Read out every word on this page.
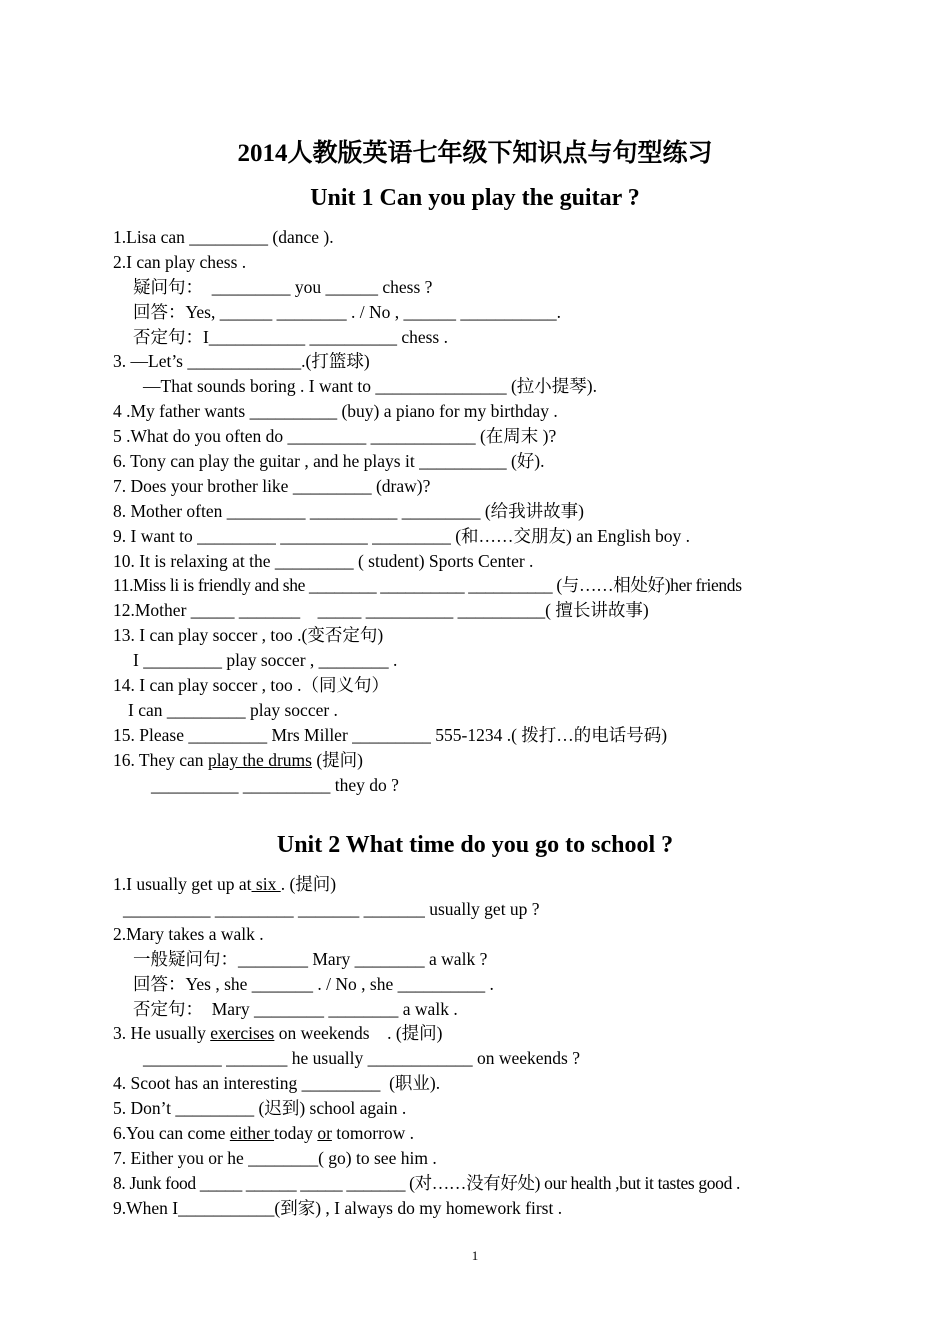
2014人教版英语七年级下知识点与句型练习
Unit 1 Can you play the guitar ?

1.Lisa can _________ (dance ).

2.I can play chess .

疑问句：  _________ you ______ chess ?

回答：Yes, ______ ________ . / No , ______ ___________.

否定句：I___________ __________ chess .

3. —Let’s _____________.(打篮球)

—That sounds boring . I want to _______________ (拉小提琴).

4 .My father wants __________ (buy) a piano for my birthday .

5 .What do you often do _________ ____________ (在周末 )?

6. Tony can play the guitar , and he plays it __________ (好).

7. Does your brother like _________ (draw)?

8. Mother often _________ __________ _________ (给我讲故事)

9. I want to _________ __________ _________ (和……交朋友) an English boy .

10. It is relaxing at the _________ ( student) Sports Center .

11.Miss li is friendly and she ________ __________ __________ (与……相处好)her friends

12.Mother _____ _______    _____ __________ __________( 擅长讲故事)

13. I can play soccer , too .(变否定句)

I _________ play soccer , ________ .

14. I can play soccer , too .（同义句）

I can _________ play soccer .

15. Please _________ Mrs Miller _________ 555-1234 .( 拨打…的电话号码)

16. They can play the drums (提问)

__________ __________ they do ?

Unit 2 What time do you go to school ?

1.I usually get up at six . (提问)

__________ _________ _______ _______ usually get up ?

2.Mary takes a walk .

一般疑问句：________ Mary ________ a walk ?

回答：Yes , she _______ . / No , she __________ .

否定句：  Mary ________ ________ a walk .

3. He usually exercises on weekends    . (提问)

_________ _______ he usually ____________ on weekends ?

4. Scoot has an interesting _________  (职业).

5. Don’t _________ (迟到) school again .

6.You can come either today or tomorrow .

7. Either you or he ________( go) to see him .

8. Junk food _____ ______ _____ _______ (对……没有好处) our health ,but it tastes good .

9.When I___________(到家) , I always do my homework first .

1
